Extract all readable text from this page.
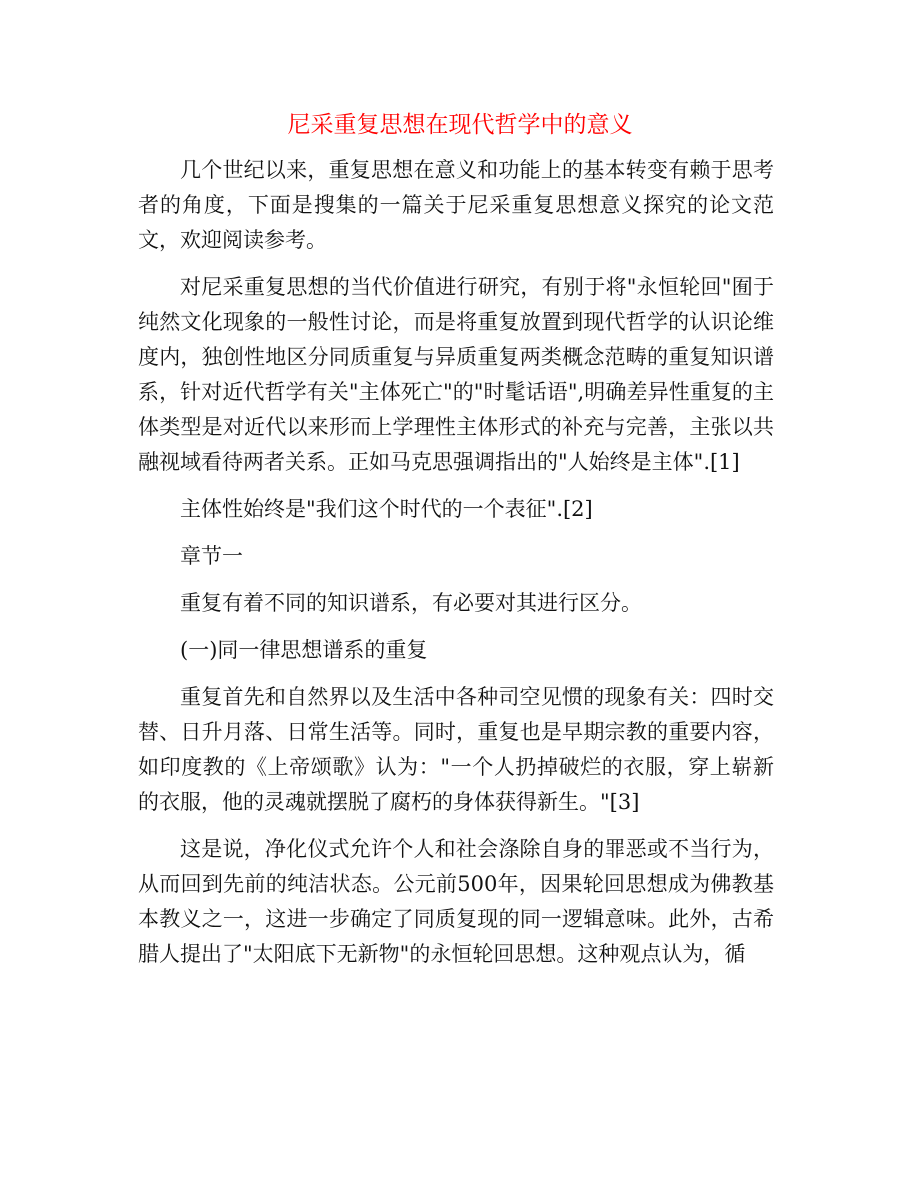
尼采重复思想在现代哲学中的意义

几个世纪以来，重复思想在意义和功能上的基本转变有赖于思考者的角度，下面是搜集的一篇关于尼采重复思想意义探究的论文范文，欢迎阅读参考。

对尼采重复思想的当代价值进行研究，有别于将"永恒轮回"囿于纯然文化现象的一般性讨论，而是将重复放置到现代哲学的认识论维度内，独创性地区分同质重复与异质重复两类概念范畴的重复知识谱系，针对近代哲学有关"主体死亡"的"时髦话语",明确差异性重复的主体类型是对近代以来形而上学理性主体形式的补充与完善，主张以共融视域看待两者关系。正如马克思强调指出的"人始终是主体".[1]

主体性始终是"我们这个时代的一个表征".[2]

章节一

重复有着不同的知识谱系，有必要对其进行区分。

(一)同一律思想谱系的重复

重复首先和自然界以及生活中各种司空见惯的现象有关：四时交替、日升月落、日常生活等。同时，重复也是早期宗教的重要内容，如印度教的《上帝颂歌》认为："一个人扔掉破烂的衣服，穿上崭新的衣服，他的灵魂就摆脱了腐朽的身体获得新生。"[3]

这是说，净化仪式允许个人和社会涤除自身的罪恶或不当行为，从而回到先前的纯洁状态。公元前500年，因果轮回思想成为佛教基本教义之一，这进一步确定了同质复现的同一逻辑意味。此外，古希腊人提出了"太阳底下无新物"的永恒轮回思想。这种观点认为，循
